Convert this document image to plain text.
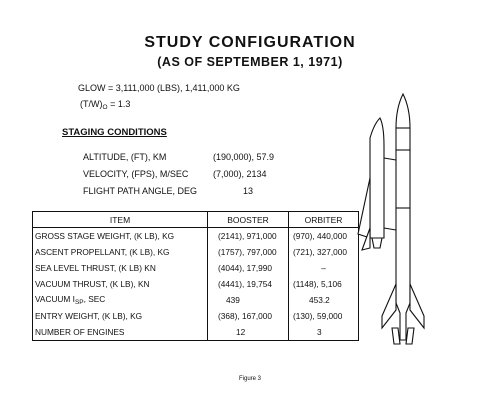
STUDY CONFIGURATION
(AS OF SEPTEMBER 1, 1971)
GLOW = 3,111,000 (LBS), 1,411,000 KG
$(T/W)_O = 1.3$
STAGING CONDITIONS
ALTITUDE, (FT), KM	(190,000), 57.9
VELOCITY, (FPS), M/SEC	(7,000), 2134
FLIGHT PATH ANGLE, DEG	13
ITEM	BOOSTER	ORBITER
GROSS STAGE WEIGHT, (K LB), KG	(2141), 971,000	(970), 440,000
ASCENT PROPELLANT, (K LB), KG	(1757), 797,000	(721), 327,000
SEA LEVEL THRUST, (K LB) KN	(4044), 17,990	–
VACUUM THRUST, (K LB), KN	(4441), 19,754	(1148), 5,106
VACUUM $I_{SP}$, SEC	439	453.2
ENTRY WEIGHT, (K LB), KG	(368), 167,000	(130), 59,000
NUMBER OF ENGINES	12	3
Figure 3
